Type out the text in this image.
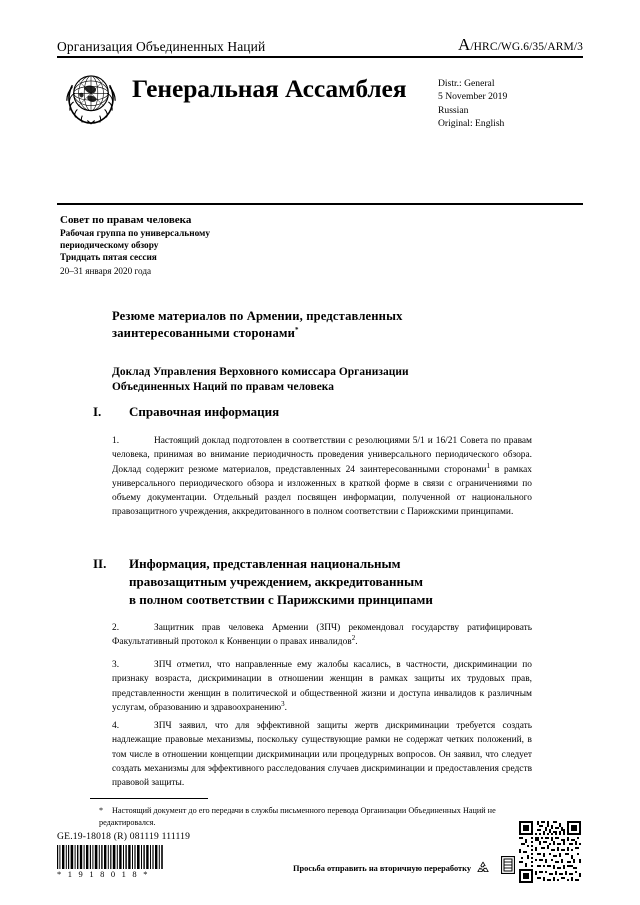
Организация Объединенных Наций	A/HRC/WG.6/35/ARM/3
Генеральная Ассамблея	Distr.: General
5 November 2019
Russian
Original: English
Совет по правам человека
Рабочая группа по универсальному
периодическому обзору
Тридцать пятая сессия
20–31 января 2020 года
Резюме материалов по Армении, представленных
заинтересованными сторонами*
Доклад Управления Верховного комиссара Организации
Объединенных Наций по правам человека
I.	Справочная информация
1.	Настоящий доклад подготовлен в соответствии с резолюциями 5/1 и 16/21 Совета по правам человека, принимая во внимание периодичность проведения универсального периодического обзора. Доклад содержит резюме материалов, представленных 24 заинтересованными сторонами$^1$ в рамках универсального периодического обзора и изложенных в краткой форме в связи с ограничениями по объему документации. Отдельный раздел посвящен информации, полученной от национального правозащитного учреждения, аккредитованного в полном соответствии с Парижскими принципами.
II.	Информация, представленная национальным
правозащитным учреждением, аккредитованным
в полном соответствии с Парижскими принципами
2.	Защитник прав человека Армении (ЗПЧ) рекомендовал государству ратифицировать Факультативный протокол к Конвенции о правах инвалидов$^2$.
3.	ЗПЧ отметил, что направленные ему жалобы касались, в частности, дискриминации по признаку возраста, дискриминации в отношении женщин в рамках защиты их трудовых прав, представленности женщин в политической и общественной жизни и доступа инвалидов к различным услугам, образованию и здравоохранению$^3$.
4.	ЗПЧ заявил, что для эффективной защиты жертв дискриминации требуется создать надлежащие правовые механизмы, поскольку существующие рамки не содержат четких положений, в том числе в отношении концепции дискриминации или процедурных вопросов. Он заявил, что следует создать механизмы для эффективного расследования случаев дискриминации и предоставления средств правовой защиты.
* Настоящий документ до его передачи в службы письменного перевода Организации Объединенных Наций не редактировался.
GE.19-18018 (R) 081119 111119
* 1 9 1 8 0 1 8 *
Просьба отправить на вторичную переработку
